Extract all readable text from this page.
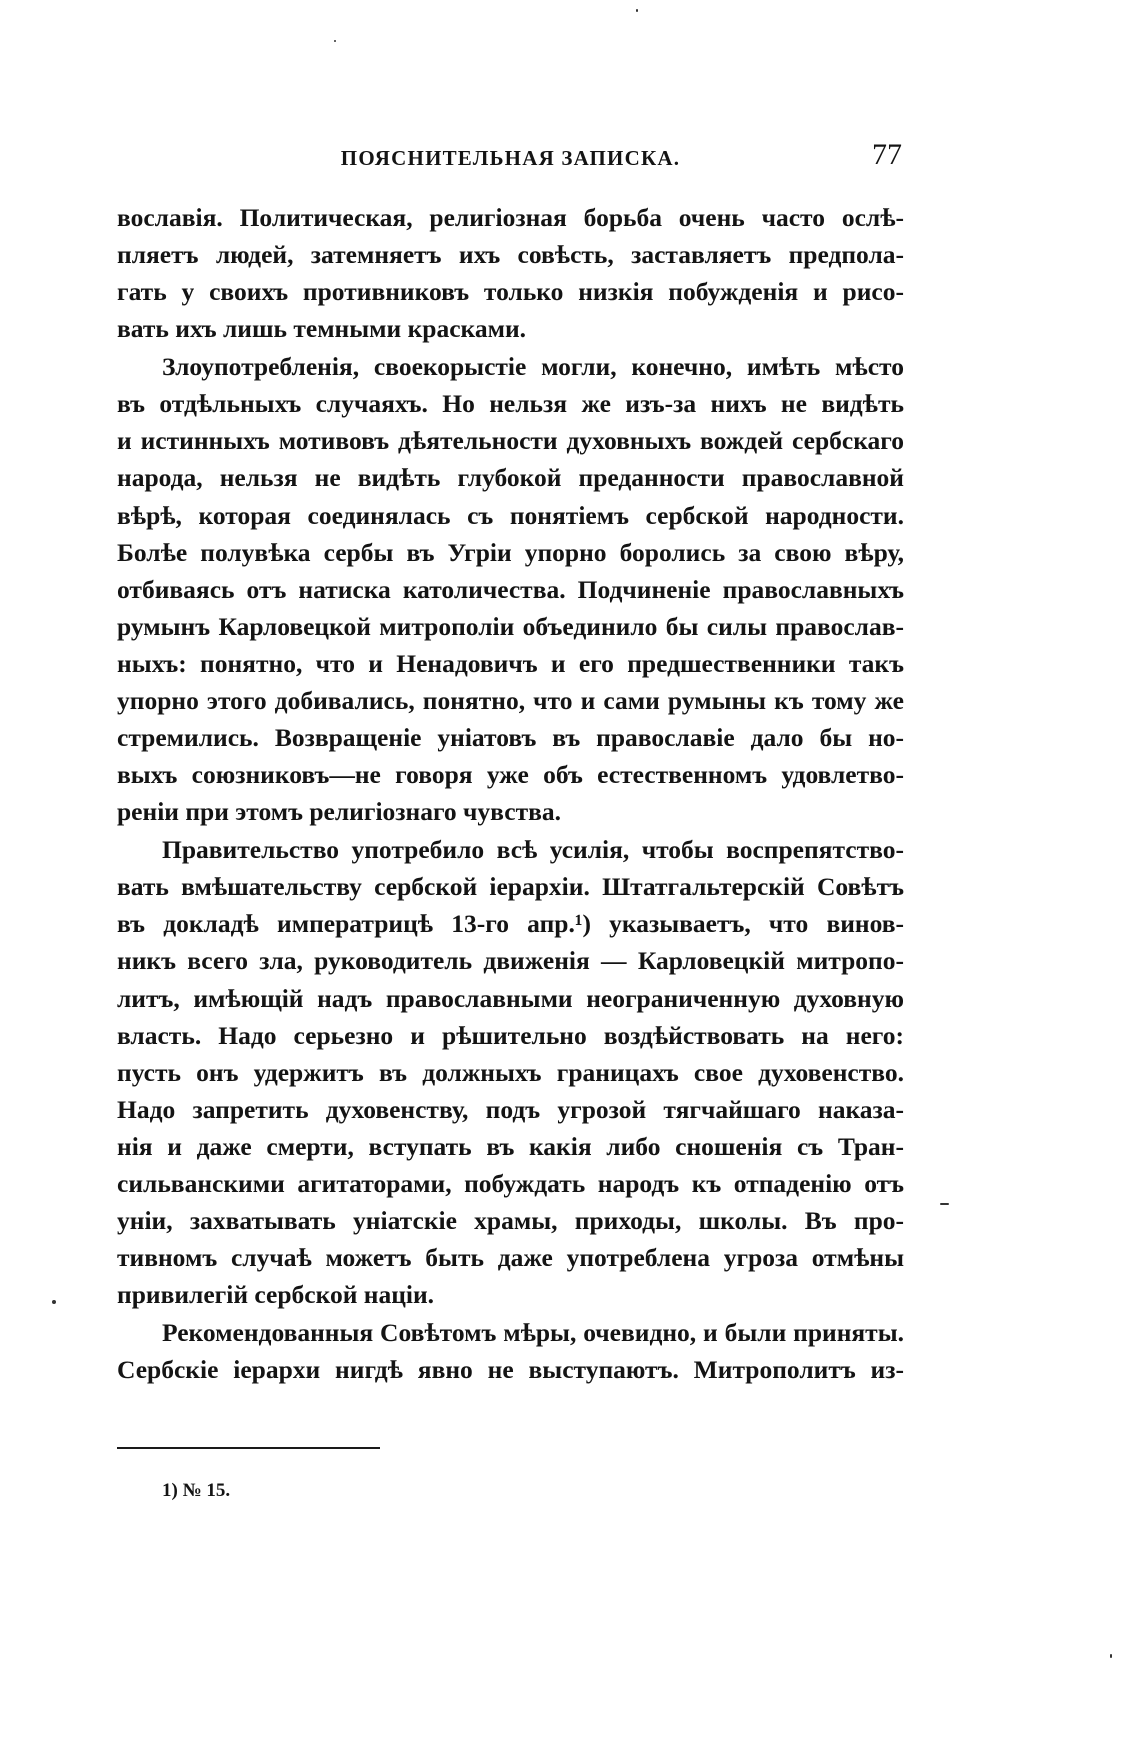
ПОЯСНИТЕЛЬНАЯ ЗАПИСКА.	77
вославія. Политическая, религіозная борьба очень часто ослѣ-
пляетъ людей, затемняетъ ихъ совѣсть, заставляетъ предпола-
гать у своихъ противниковъ только низкія побужденія и рисо-
вать ихъ лишь темными красками.
Злоупотребленія, своекорыстіе могли, конечно, имѣть мѣсто
въ отдѣльныхъ случаяхъ. Но нельзя же изъ-за нихъ не видѣть
и истинныхъ мотивовъ дѣятельности духовныхъ вождей сербскаго
народа, нельзя не видѣть глубокой преданности православной
вѣрѣ, которая соединялась съ понятіемъ сербской народности.
Болѣе полувѣка сербы въ Угріи упорно боролись за свою вѣру,
отбиваясь отъ натиска католичества. Подчиненіе православныхъ
румынъ Карловецкой митрополіи объединило бы силы православ-
ныхъ: понятно, что и Ненадовичъ и его предшественники такъ
упорно этого добивались, понятно, что и сами румыны къ тому же
стремились. Возвращеніе уніатовъ въ православіе дало бы но-
выхъ союзниковъ—не говоря уже объ естественномъ удовлетво-
реніи при этомъ религіознаго чувства.
Правительство употребило всѣ усилія, чтобы воспрепятство-
вать вмѣшательству сербской іерархіи. Штатгальтерскій Совѣтъ
въ докладѣ императрицѣ 13-го апр.¹) указываетъ, что винов-
никъ всего зла, руководитель движенія — Карловецкій митропо-
литъ, имѣющій надъ православными неограниченную духовную
власть. Надо серьезно и рѣшительно воздѣйствовать на него:
пусть онъ удержитъ въ должныхъ границахъ свое духовенство.
Надо запретить духовенству, подъ угрозой тягчайшаго наказа-
нія и даже смерти, вступать въ какія либо сношенія съ Тран-
сильванскими агитаторами, побуждать народъ къ отпаденію отъ
уніи, захватывать уніатскіе храмы, приходы, школы. Въ про-
тивномъ случаѣ можетъ быть даже употреблена угроза отмѣны
привилегій сербской націи.
Рекомендованныя Совѣтомъ мѣры, очевидно, и были приняты.
Сербскіе іерархи нигдѣ явно не выступаютъ. Митрополитъ из-
1) № 15.
